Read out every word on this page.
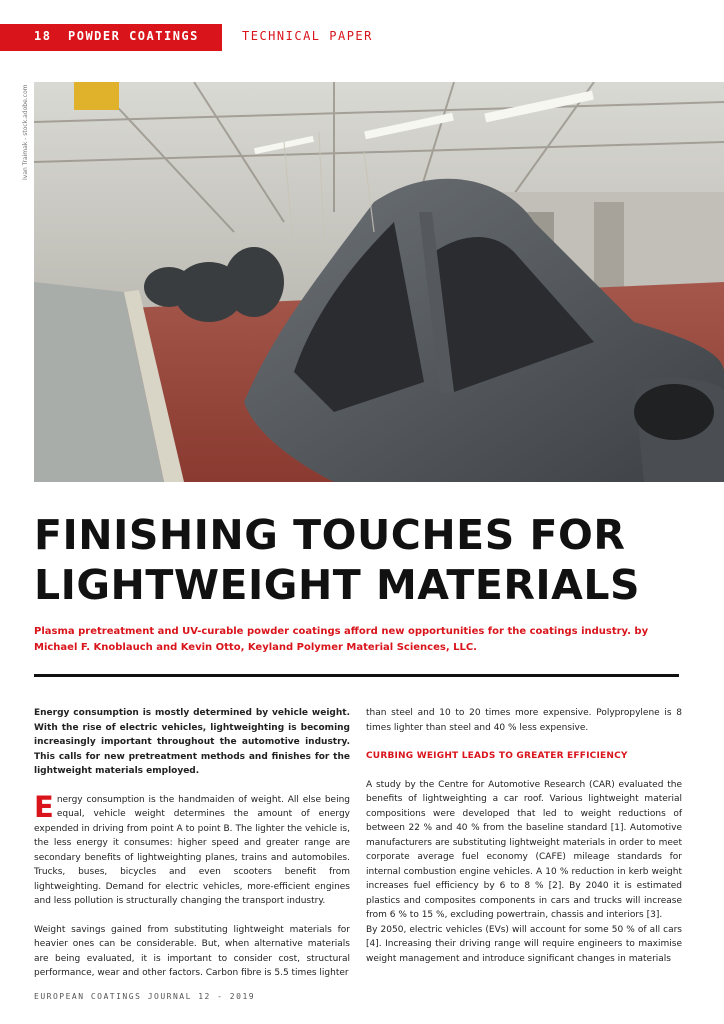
18 POWDER COATINGS	TECHNICAL PAPER
Ivan Traimak - stock.adobe.com
FINISHING TOUCHES FOR LIGHTWEIGHT MATERIALS
Plasma pretreatment and UV-curable powder coatings afford new opportunities for the coatings industry. by Michael F. Knoblauch and Kevin Otto, Keyland Polymer Material Sciences, LLC.

Energy consumption is mostly determined by vehicle weight. With the rise of electric vehicles, lightweighting is becoming increasingly important throughout the automotive industry. This calls for new pretreatment methods and finishes for the lightweight materials employed.

Energy consumption is the handmaiden of weight. All else being equal, vehicle weight determines the amount of energy expended in driving from point A to point B. The lighter the vehicle is, the less energy it consumes: higher speed and greater range are secondary benefits of lightweighting planes, trains and automobiles. Trucks, buses, bicycles and even scooters benefit from lightweighting. Demand for electric vehicles, more-efficient engines and less pollution is structurally changing the transport industry.

Weight savings gained from substituting lightweight materials for heavier ones can be considerable. But, when alternative materials are being evaluated, it is important to consider cost, structural performance, wear and other factors. Carbon fibre is 5.5 times lighter

than steel and 10 to 20 times more expensive. Polypropylene is 8 times lighter than steel and 40 % less expensive.

CURBING WEIGHT LEADS TO GREATER EFFICIENCY

A study by the Centre for Automotive Research (CAR) evaluated the benefits of lightweighting a car roof. Various lightweight material compositions were developed that led to weight reductions of between 22 % and 40 % from the baseline standard [1]. Automotive manufacturers are substituting lightweight materials in order to meet corporate average fuel economy (CAFE) mileage standards for internal combustion engine vehicles. A 10 % reduction in kerb weight increases fuel efficiency by 6 to 8 % [2]. By 2040 it is estimated plastics and composites components in cars and trucks will increase from 6 % to 15 %, excluding powertrain, chassis and interiors [3].

By 2050, electric vehicles (EVs) will account for some 50 % of all cars [4]. Increasing their driving range will require engineers to maximise weight management and introduce significant changes in materials

EUROPEAN COATINGS JOURNAL 12 - 2019
